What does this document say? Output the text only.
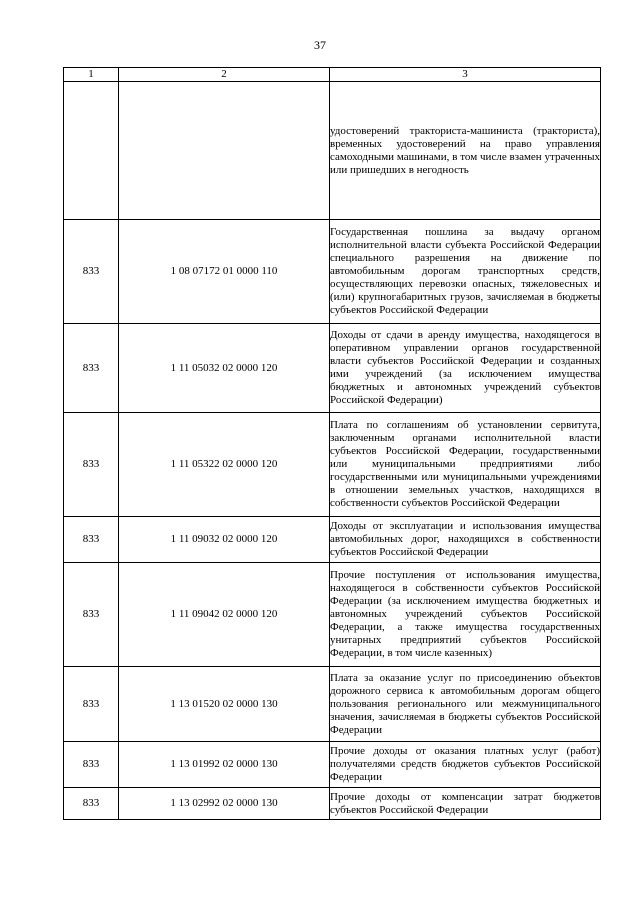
37
1	2	3
		удостоверений тракториста-машиниста (тракториста), временных удостоверений на право управления самоходными машинами, в том числе взамен утраченных или пришедших в негодность
833	1 08 07172 01 0000 110	Государственная пошлина за выдачу органом исполнительной власти субъекта Российской Федерации специального разрешения на движение по автомобильным дорогам транспортных средств, осуществляющих перевозки опасных, тяжеловесных и (или) крупногабаритных грузов, зачисляемая в бюджеты субъектов Российской Федерации
833	1 11 05032 02 0000 120	Доходы от сдачи в аренду имущества, находящегося в оперативном управлении органов государственной власти субъектов Российской Федерации и созданных ими учреждений (за исключением имущества бюджетных и автономных учреждений субъектов Российской Федерации)
833	1 11 05322 02 0000 120	Плата по соглашениям об установлении сервитута, заключенным органами исполнительной власти субъектов Российской Федерации, государственными или муниципальными предприятиями либо государственными или муниципальными учреждениями в отношении земельных участков, находящихся в собственности субъектов Российской Федерации
833	1 11 09032 02 0000 120	Доходы от эксплуатации и использования имущества автомобильных дорог, находящихся в собственности субъектов Российской Федерации
833	1 11 09042 02 0000 120	Прочие поступления от использования имущества, находящегося в собственности субъектов Российской Федерации (за исключением имущества бюджетных и автономных учреждений субъектов Российской Федерации, а также имущества государственных унитарных предприятий субъектов Российской Федерации, в том числе казенных)
833	1 13 01520 02 0000 130	Плата за оказание услуг по присоединению объектов дорожного сервиса к автомобильным дорогам общего пользования регионального или межмуниципального значения, зачисляемая в бюджеты субъектов Российской Федерации
833	1 13 01992 02 0000 130	Прочие доходы от оказания платных услуг (работ) получателями средств бюджетов субъектов Российской Федерации
833	1 13 02992 02 0000 130	Прочие доходы от компенсации затрат бюджетов субъектов Российской Федерации
